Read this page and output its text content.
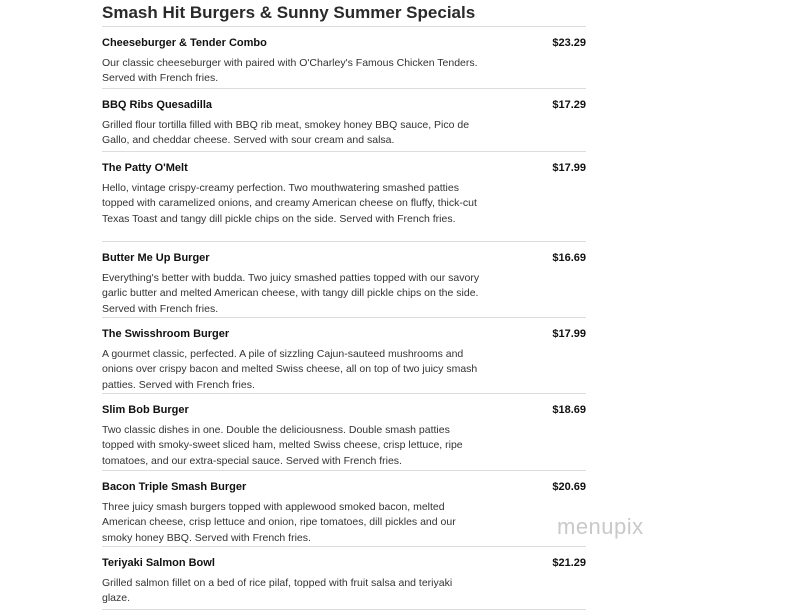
Smash Hit Burgers & Sunny Summer Specials
Cheeseburger & Tender Combo	$23.29
Our classic cheeseburger with paired with O'Charley's Famous Chicken Tenders. Served with French fries.
BBQ Ribs Quesadilla	$17.29
Grilled flour tortilla filled with BBQ rib meat, smokey honey BBQ sauce, Pico de Gallo, and cheddar cheese. Served with sour cream and salsa.
The Patty O'Melt	$17.99
Hello, vintage crispy-creamy perfection. Two mouthwatering smashed patties topped with caramelized onions, and creamy American cheese on fluffy, thick-cut Texas Toast and tangy dill pickle chips on the side. Served with French fries.
Butter Me Up Burger	$16.69
Everything's better with budda. Two juicy smashed patties topped with our savory garlic butter and melted American cheese, with tangy dill pickle chips on the side. Served with French fries.
The Swisshroom Burger	$17.99
A gourmet classic, perfected. A pile of sizzling Cajun-sauteed mushrooms and onions over crispy bacon and melted Swiss cheese, all on top of two juicy smash patties. Served with French fries.
Slim Bob Burger	$18.69
Two classic dishes in one. Double the deliciousness. Double smash patties topped with smoky-sweet sliced ham, melted Swiss cheese, crisp lettuce, ripe tomatoes, and our extra-special sauce. Served with French fries.
Bacon Triple Smash Burger	$20.69
Three juicy smash burgers topped with applewood smoked bacon, melted American cheese, crisp lettuce and onion, ripe tomatoes, dill pickles and our smoky honey BBQ. Served with French fries.
Teriyaki Salmon Bowl	$21.29
Grilled salmon fillet on a bed of rice pilaf, topped with fruit salsa and teriyaki glaze.
menupix
